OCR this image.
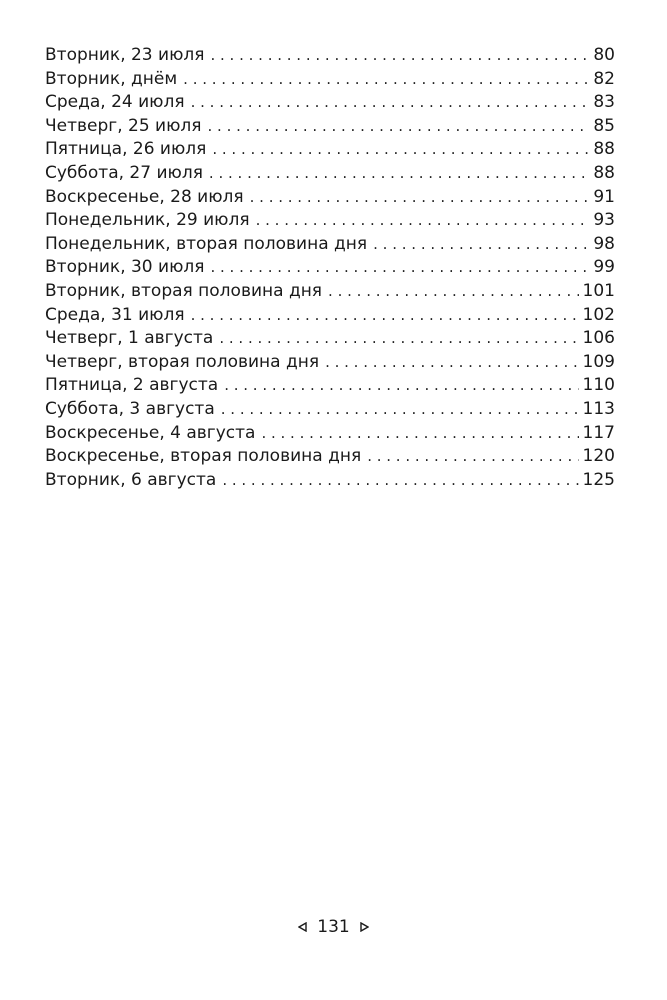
Вторник, 23 июля . . .	80
Вторник, днём . . .	82
Среда, 24 июля . . .	83
Четверг, 25 июля . . .	85
Пятница, 26 июля . . .	88
Суббота, 27 июля . . .	88
Воскресенье, 28 июля . . .	91
Понедельник, 29 июля . . .	93
Понедельник, вторая половина дня . . .	98
Вторник, 30 июля . . .	99
Вторник, вторая половина дня . . .	101
Среда, 31 июля . . .	102
Четверг, 1 августа . . .	106
Четверг, вторая половина дня . . .	109
Пятница, 2 августа . . .	110
Суббота, 3 августа . . .	113
Воскресенье, 4 августа . . .	117
Воскресенье, вторая половина дня . . .	120
Вторник, 6 августа . . .	125
131
